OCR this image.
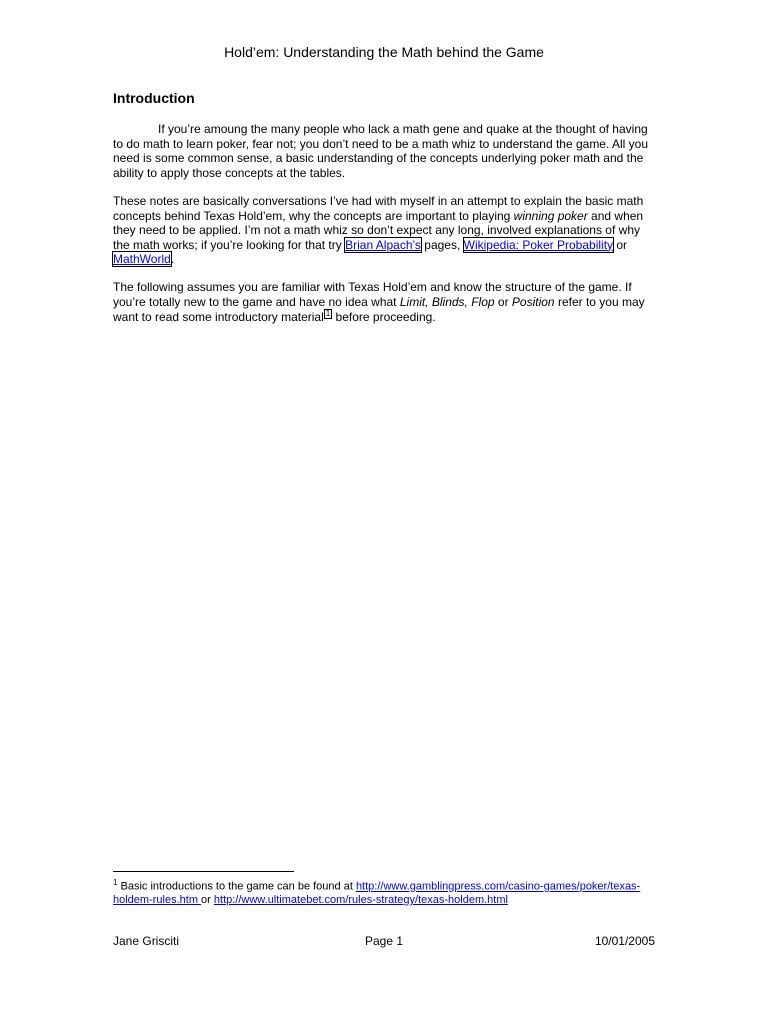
Hold’em: Understanding the Math behind the Game
Introduction
If you’re amoung the many people who lack a math gene and quake at the thought of having to do math to learn poker, fear not; you don’t need to be a math whiz to understand the game. All you need is some common sense, a basic understanding of the concepts underlying poker math and the ability to apply those concepts at the tables.
These notes are basically conversations I’ve had with myself in an attempt to explain the basic math concepts behind Texas Hold’em, why the concepts are important to playing winning poker and when they need to be applied. I’m not a math whiz so don’t expect any long, involved explanations of why the math works; if you’re looking for that try Brian Alpach’s pages, Wikipedia: Poker Probability or MathWorld.
The following assumes you are familiar with Texas Hold’em and know the structure of the game. If you’re totally new to the game and have no idea what Limit, Blinds, Flop or Position refer to you may want to read some introductory material 1 before proceeding.
$^1$ Basic introductions to the game can be found at http://www.gamblingpress.com/casino-games/poker/texas-holdem-rules.htm or http://www.ultimatebet.com/rules-strategy/texas-holdem.html
Jane Grisciti	Page 1	10/01/2005
